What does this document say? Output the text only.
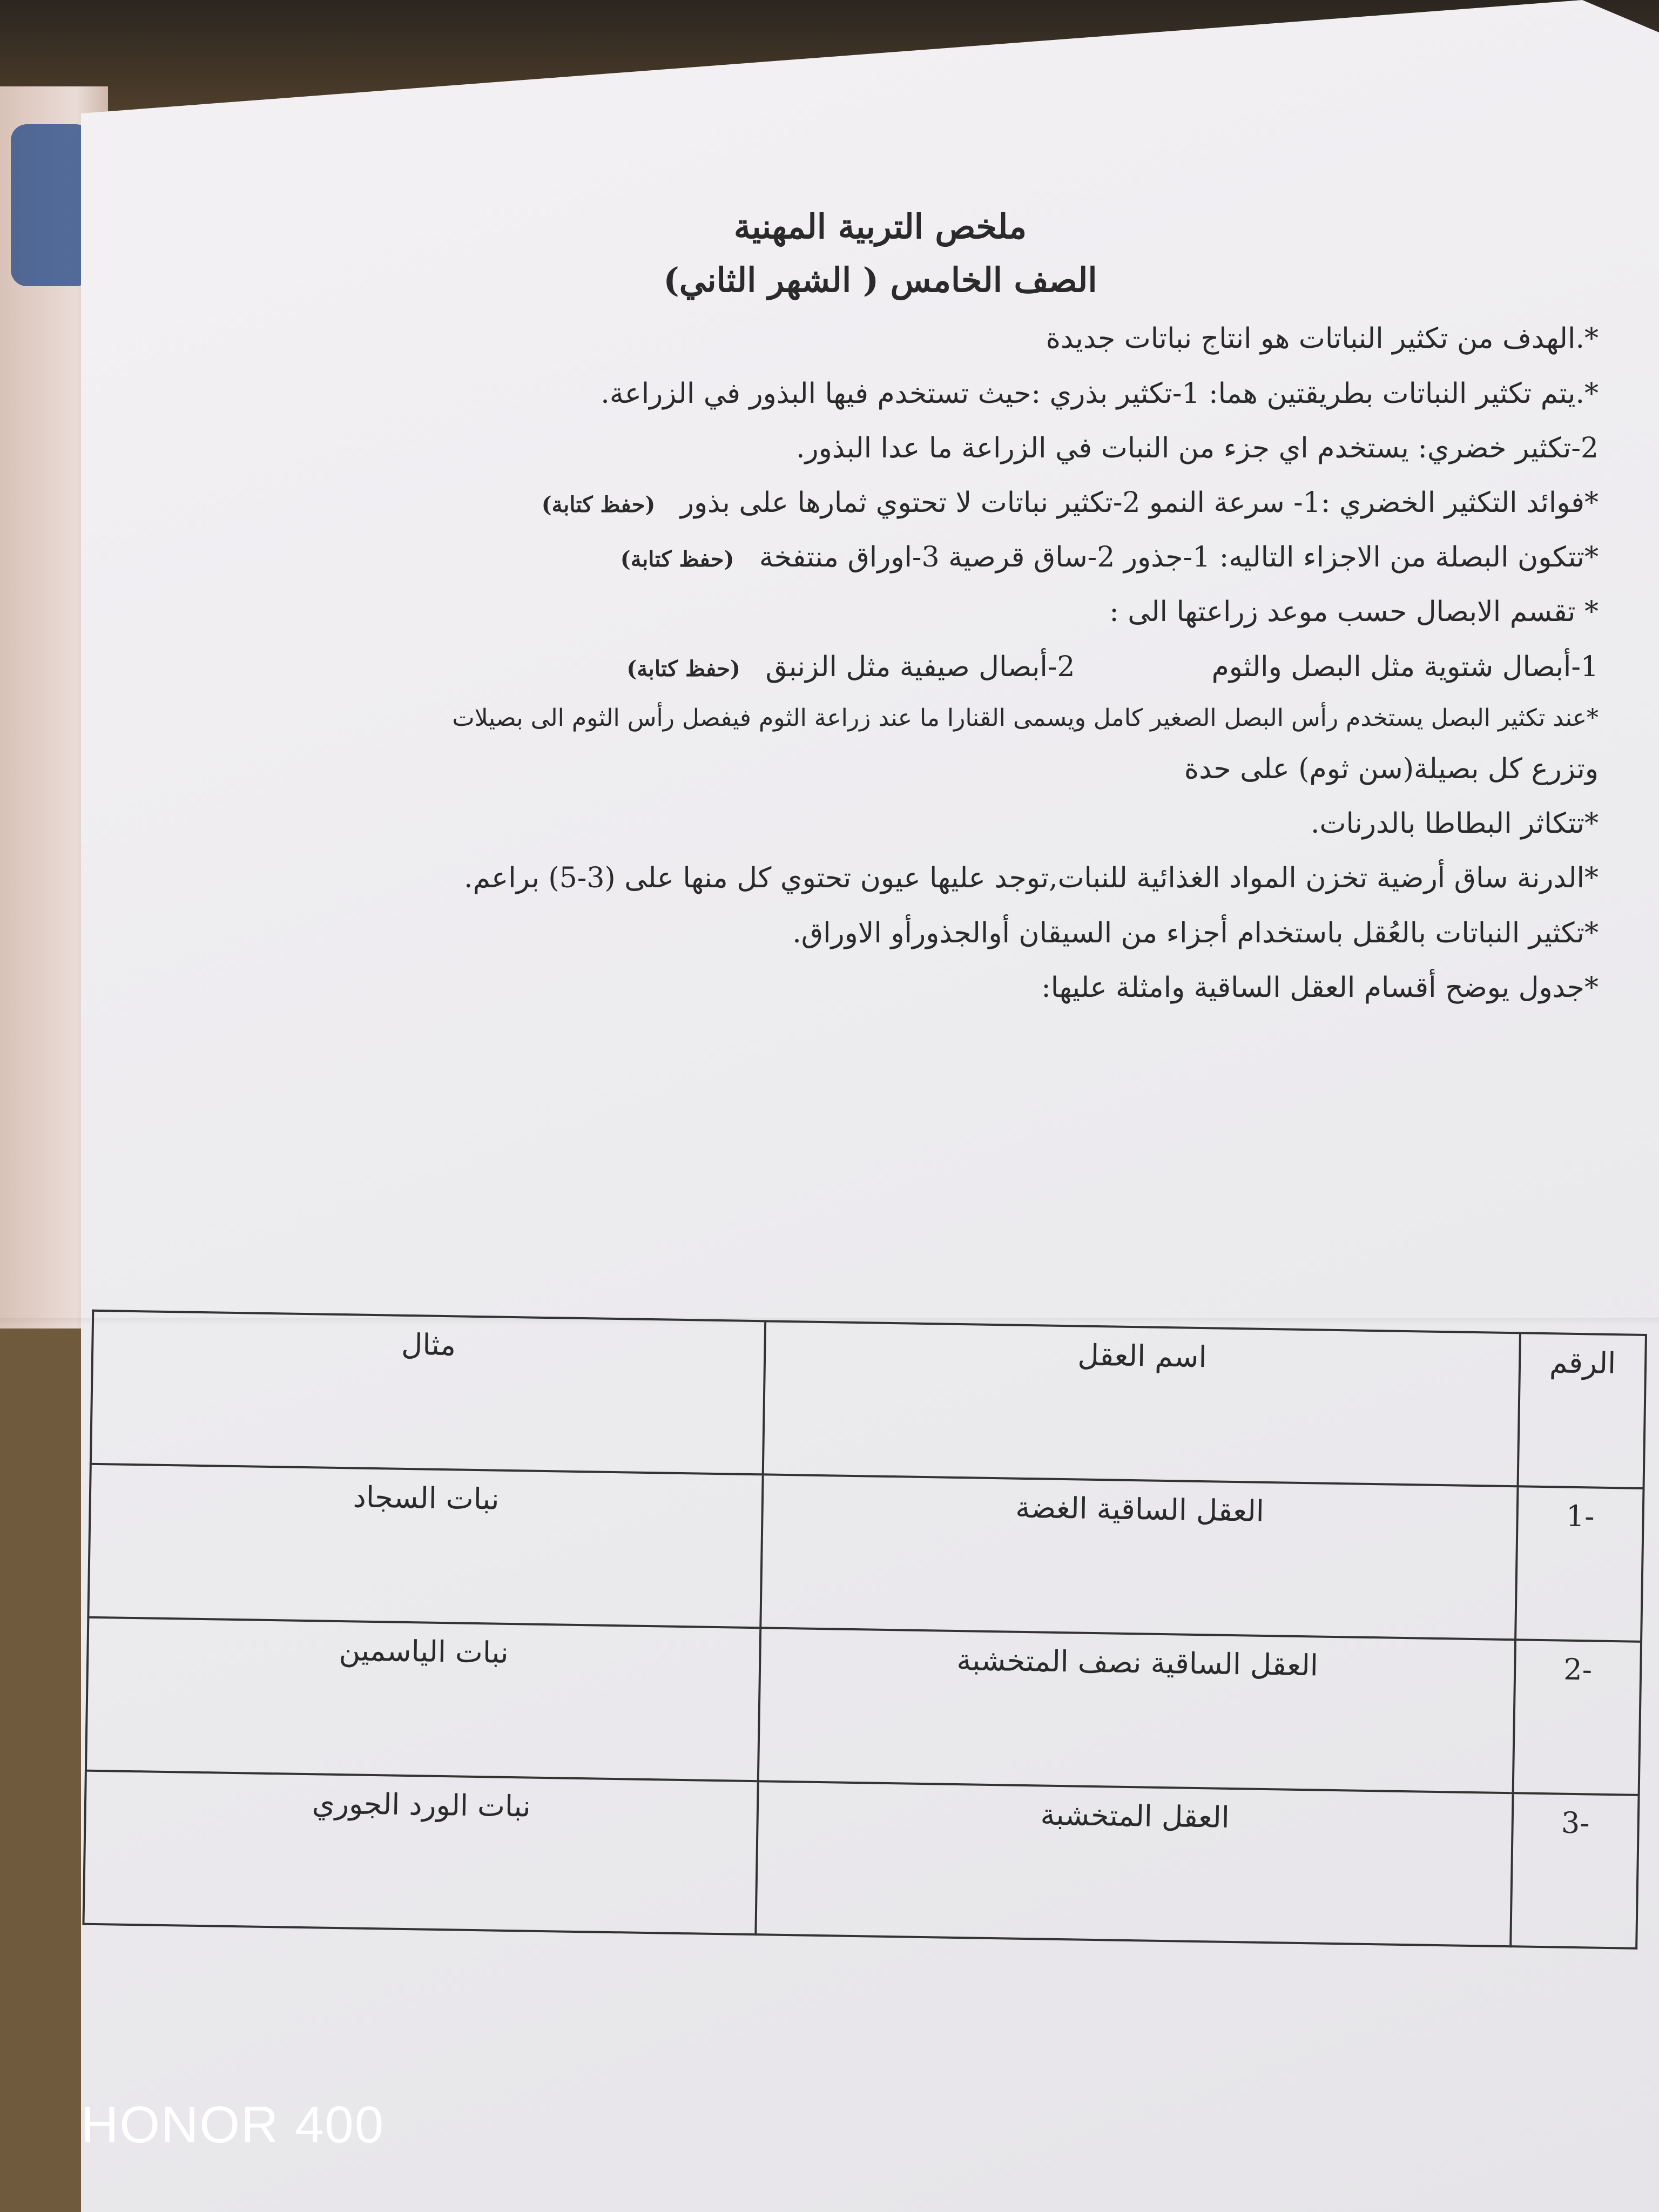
ملخص التربية المهنية

الصف الخامس ( الشهر الثاني)

*.الهدف من تكثير النباتات هو انتاج نباتات جديدة

*.يتم تكثير النباتات بطريقتين هما: 1-تكثير بذري :حيث تستخدم فيها البذور في الزراعة.

2-تكثير خضري: يستخدم اي جزء من النبات في الزراعة ما عدا البذور.

*فوائد التكثير الخضري :1- سرعة النمو 2-تكثير نباتات لا تحتوي ثمارها على بذور (حفظ كتابة)

*تتكون البصلة من الاجزاء التاليه: 1-جذور 2-ساق قرصية 3-اوراق منتفخة (حفظ كتابة)

* تقسم الابصال حسب موعد زراعتها الى :

1-أبصال شتوية مثل البصل والثوم  2-أبصال صيفية مثل الزنبق (حفظ كتابة)

*عند تكثير البصل يستخدم رأس البصل الصغير كامل ويسمى القنارا ما عند زراعة الثوم فيفصل رأس الثوم الى بصيلات

وتزرع كل بصيلة(سن ثوم) على حدة

*تتكاثر البطاطا بالدرنات.

*الدرنة ساق أرضية تخزن المواد الغذائية للنبات,توجد عليها عيون تحتوي كل منها على (3-5) براعم.

*تكثير النباتات بالعُقل باستخدام أجزاء من السيقان أوالجذورأو الاوراق.

*جدول يوضح أقسام العقل الساقية وامثلة عليها:

الرقم	اسم العقل	مثال
-1	العقل الساقية الغضة	نبات السجاد
-2	العقل الساقية نصف المتخشبة	نبات الياسمين
-3	العقل المتخشبة	نبات الورد الجوري
HONOR 400
